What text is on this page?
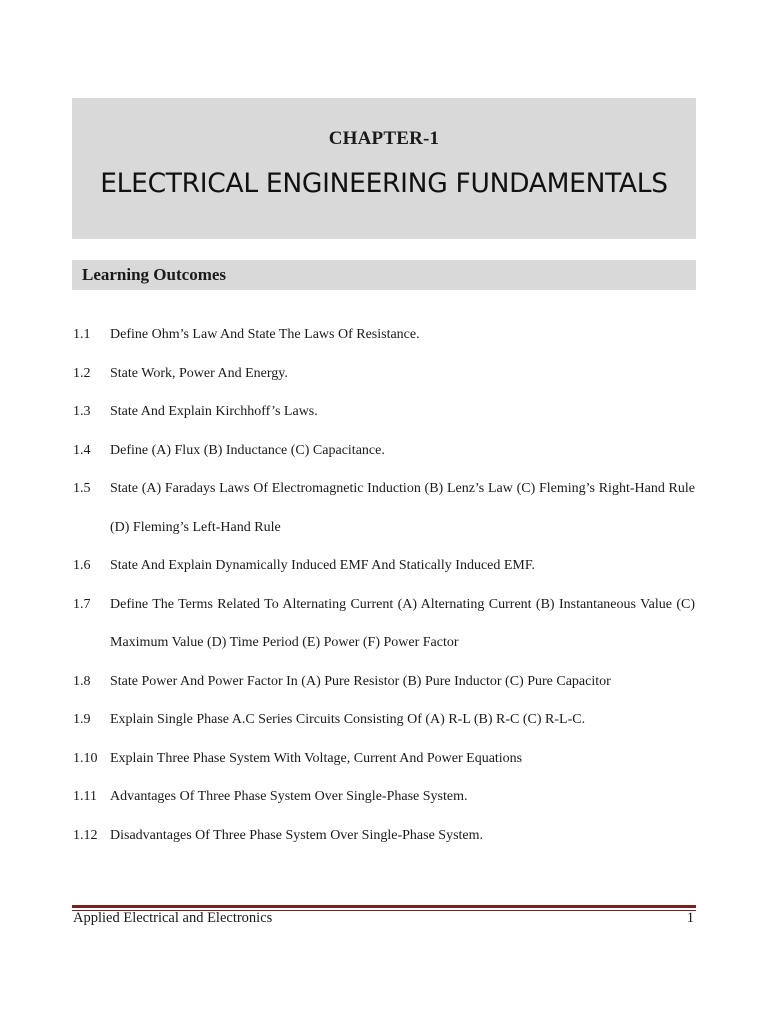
CHAPTER-1
ELECTRICAL ENGINEERING FUNDAMENTALS
Learning Outcomes
1.1 Define Ohm’s Law And State The Laws Of Resistance.
1.2 State Work, Power And Energy.
1.3 State And Explain Kirchhoff’s Laws.
1.4 Define (A) Flux (B) Inductance (C) Capacitance.
1.5 State (A) Faradays Laws Of Electromagnetic Induction (B) Lenz’s Law (C) Fleming’s Right-Hand Rule (D) Fleming’s Left-Hand Rule
1.6 State And Explain Dynamically Induced EMF And Statically Induced EMF.
1.7 Define The Terms Related To Alternating Current (A) Alternating Current (B) Instantaneous Value (C) Maximum Value (D) Time Period (E) Power (F) Power Factor
1.8 State Power And Power Factor In (A) Pure Resistor (B) Pure Inductor (C) Pure Capacitor
1.9 Explain Single Phase A.C Series Circuits Consisting Of (A) R-L (B) R-C (C) R-L-C.
1.10 Explain Three Phase System With Voltage, Current And Power Equations
1.11 Advantages Of Three Phase System Over Single-Phase System.
1.12 Disadvantages Of Three Phase System Over Single-Phase System.
Applied Electrical and Electronics	1
